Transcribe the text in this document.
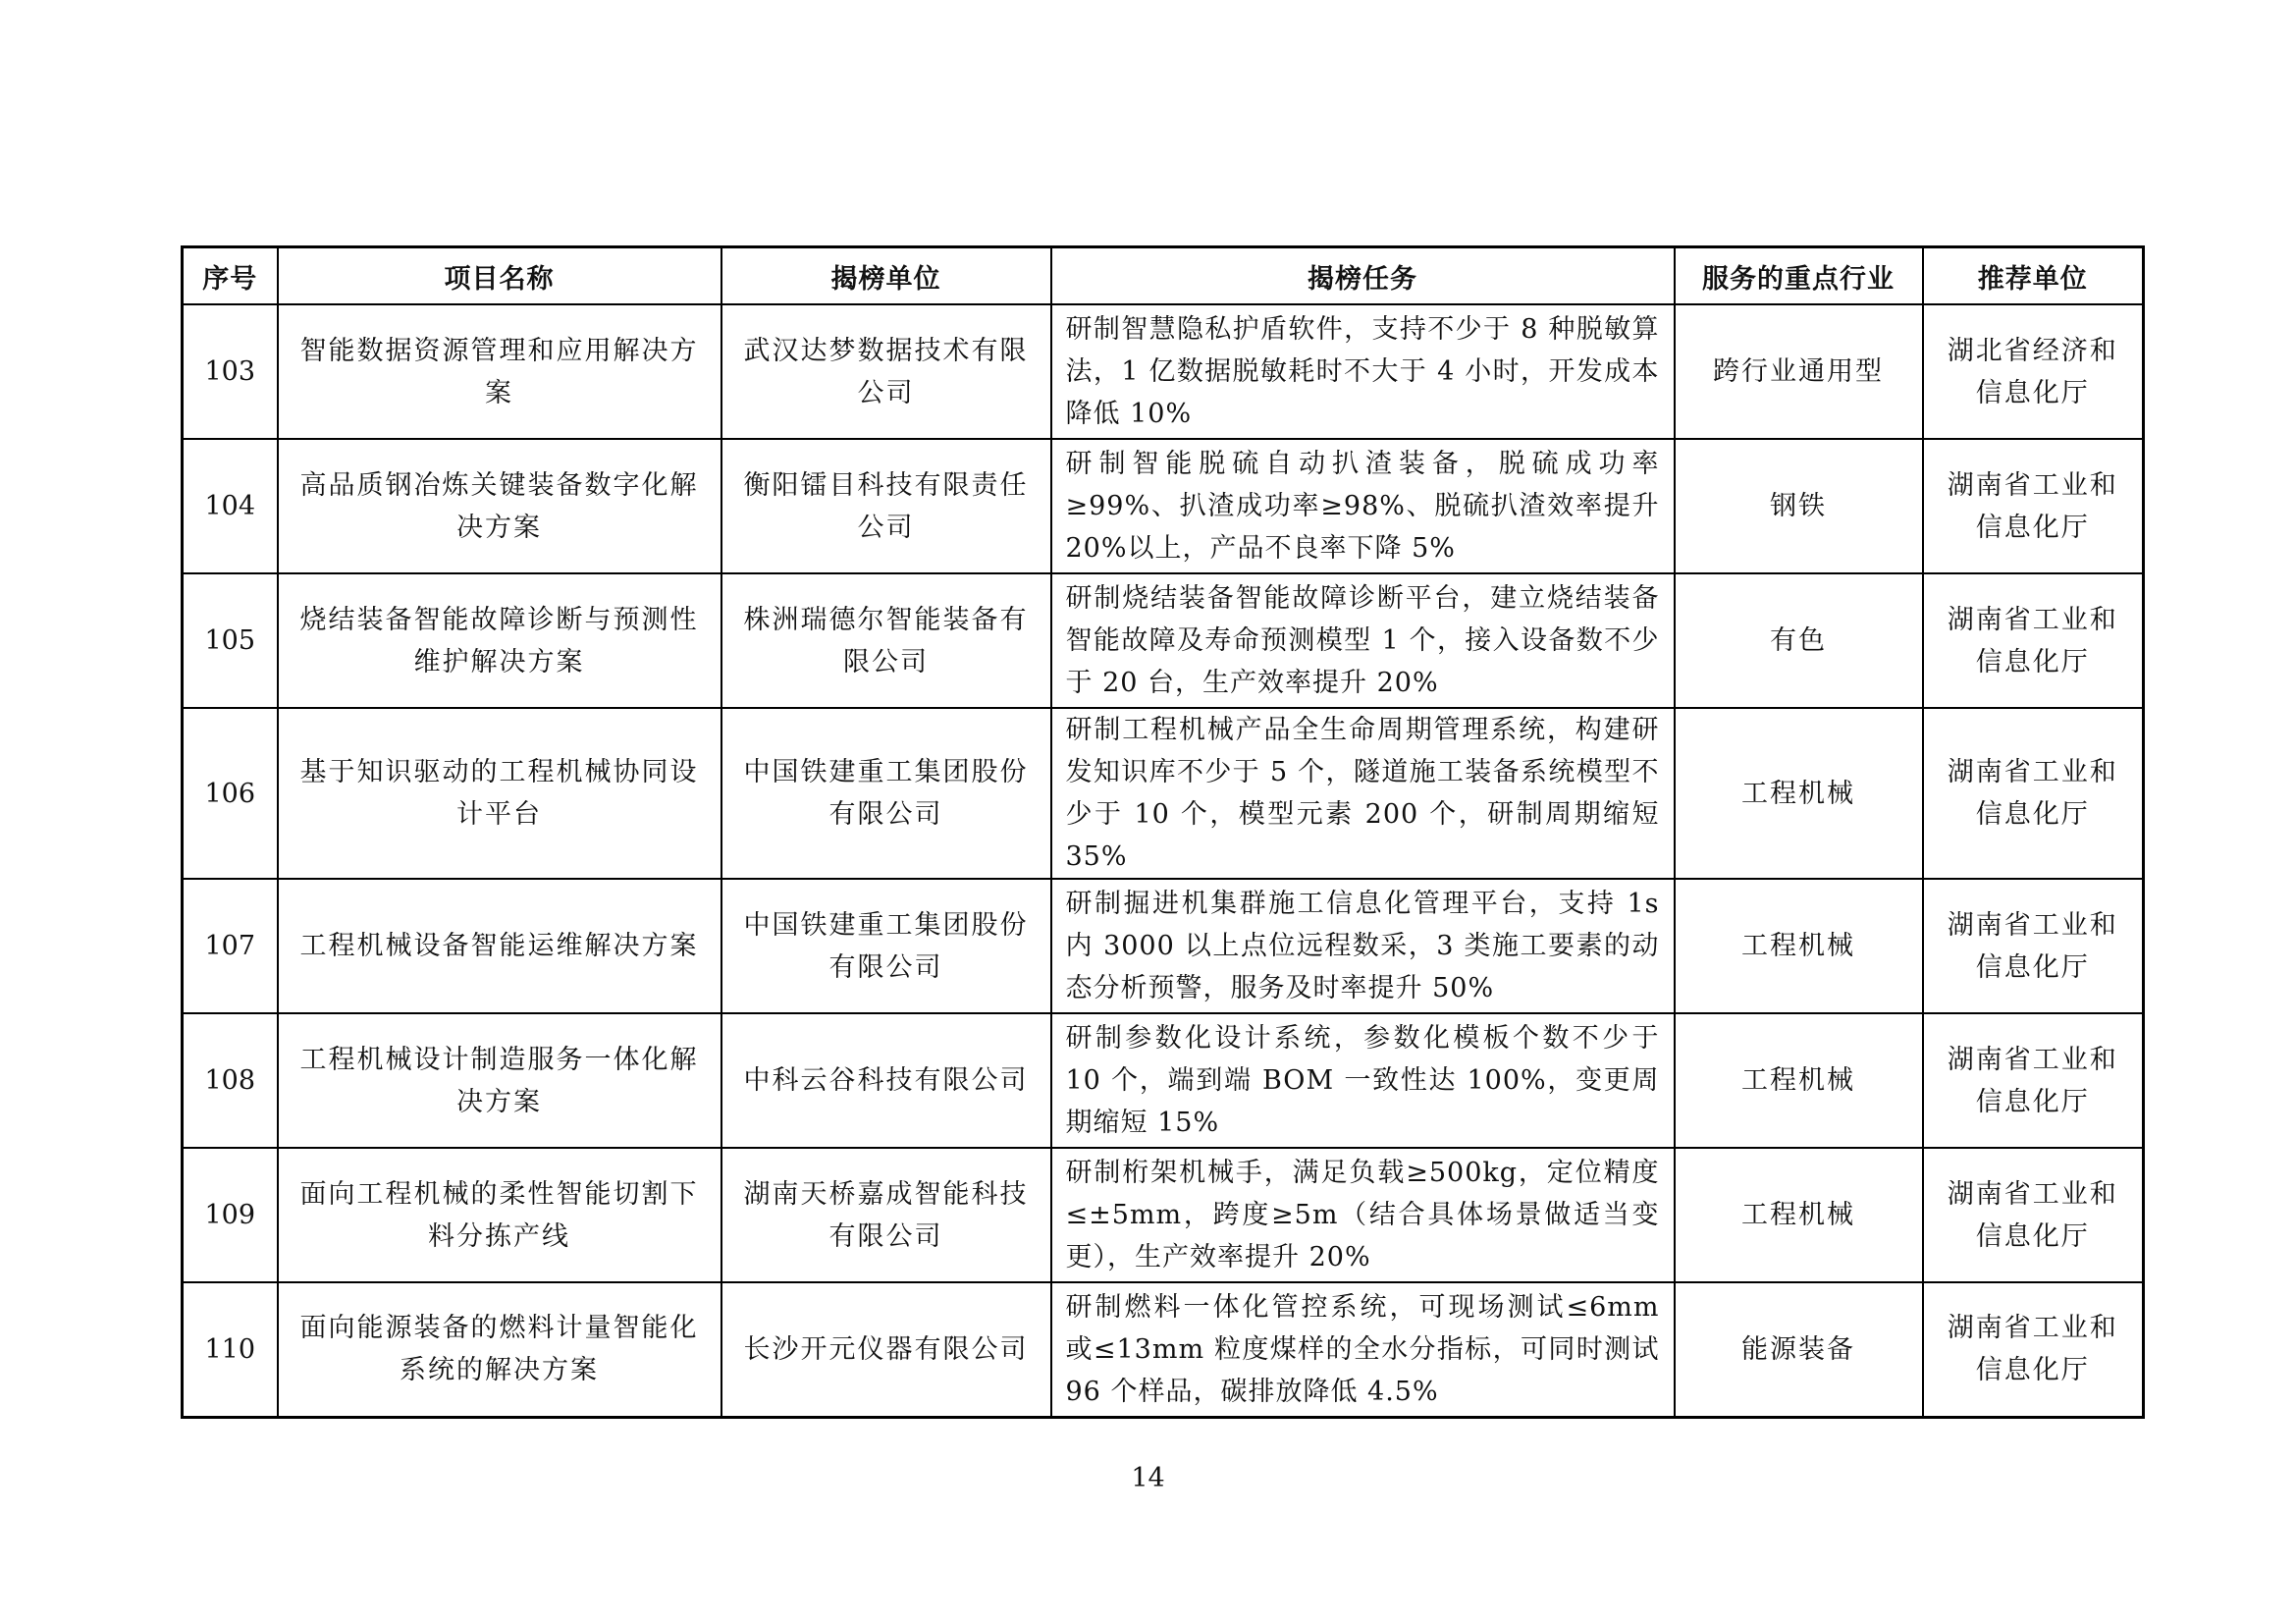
序号	项目名称	揭榜单位	揭榜任务	服务的重点行业	推荐单位
103	智能数据资源管理和应用解决方案	武汉达梦数据技术有限公司	研制智慧隐私护盾软件，支持不少于 8 种脱敏算法，1 亿数据脱敏耗时不大于 4 小时，开发成本降低 10%	跨行业通用型	湖北省经济和信息化厅
104	高品质钢冶炼关键装备数字化解决方案	衡阳镭目科技有限责任公司	研制智能脱硫自动扒渣装备，脱硫成功率≥99%、扒渣成功率≥98%、脱硫扒渣效率提升 20%以上，产品不良率下降 5%	钢铁	湖南省工业和信息化厅
105	烧结装备智能故障诊断与预测性维护解决方案	株洲瑞德尔智能装备有限公司	研制烧结装备智能故障诊断平台，建立烧结装备智能故障及寿命预测模型 1 个，接入设备数不少于 20 台，生产效率提升 20%	有色	湖南省工业和信息化厅
106	基于知识驱动的工程机械协同设计平台	中国铁建重工集团股份有限公司	研制工程机械产品全生命周期管理系统，构建研发知识库不少于 5 个，隧道施工装备系统模型不少于 10 个，模型元素 200 个，研制周期缩短 35%	工程机械	湖南省工业和信息化厅
107	工程机械设备智能运维解决方案	中国铁建重工集团股份有限公司	研制掘进机集群施工信息化管理平台，支持 1s 内 3000 以上点位远程数采，3 类施工要素的动态分析预警，服务及时率提升 50%	工程机械	湖南省工业和信息化厅
108	工程机械设计制造服务一体化解决方案	中科云谷科技有限公司	研制参数化设计系统，参数化模板个数不少于 10 个，端到端 BOM 一致性达 100%，变更周期缩短 15%	工程机械	湖南省工业和信息化厅
109	面向工程机械的柔性智能切割下料分拣产线	湖南天桥嘉成智能科技有限公司	研制桁架机械手，满足负载≥500kg，定位精度≤±5mm，跨度≥5m（结合具体场景做适当变更），生产效率提升 20%	工程机械	湖南省工业和信息化厅
110	面向能源装备的燃料计量智能化系统的解决方案	长沙开元仪器有限公司	研制燃料一体化管控系统，可现场测试≤6mm 或≤13mm 粒度煤样的全水分指标，可同时测试 96 个样品，碳排放降低 4.5%	能源装备	湖南省工业和信息化厅
14
